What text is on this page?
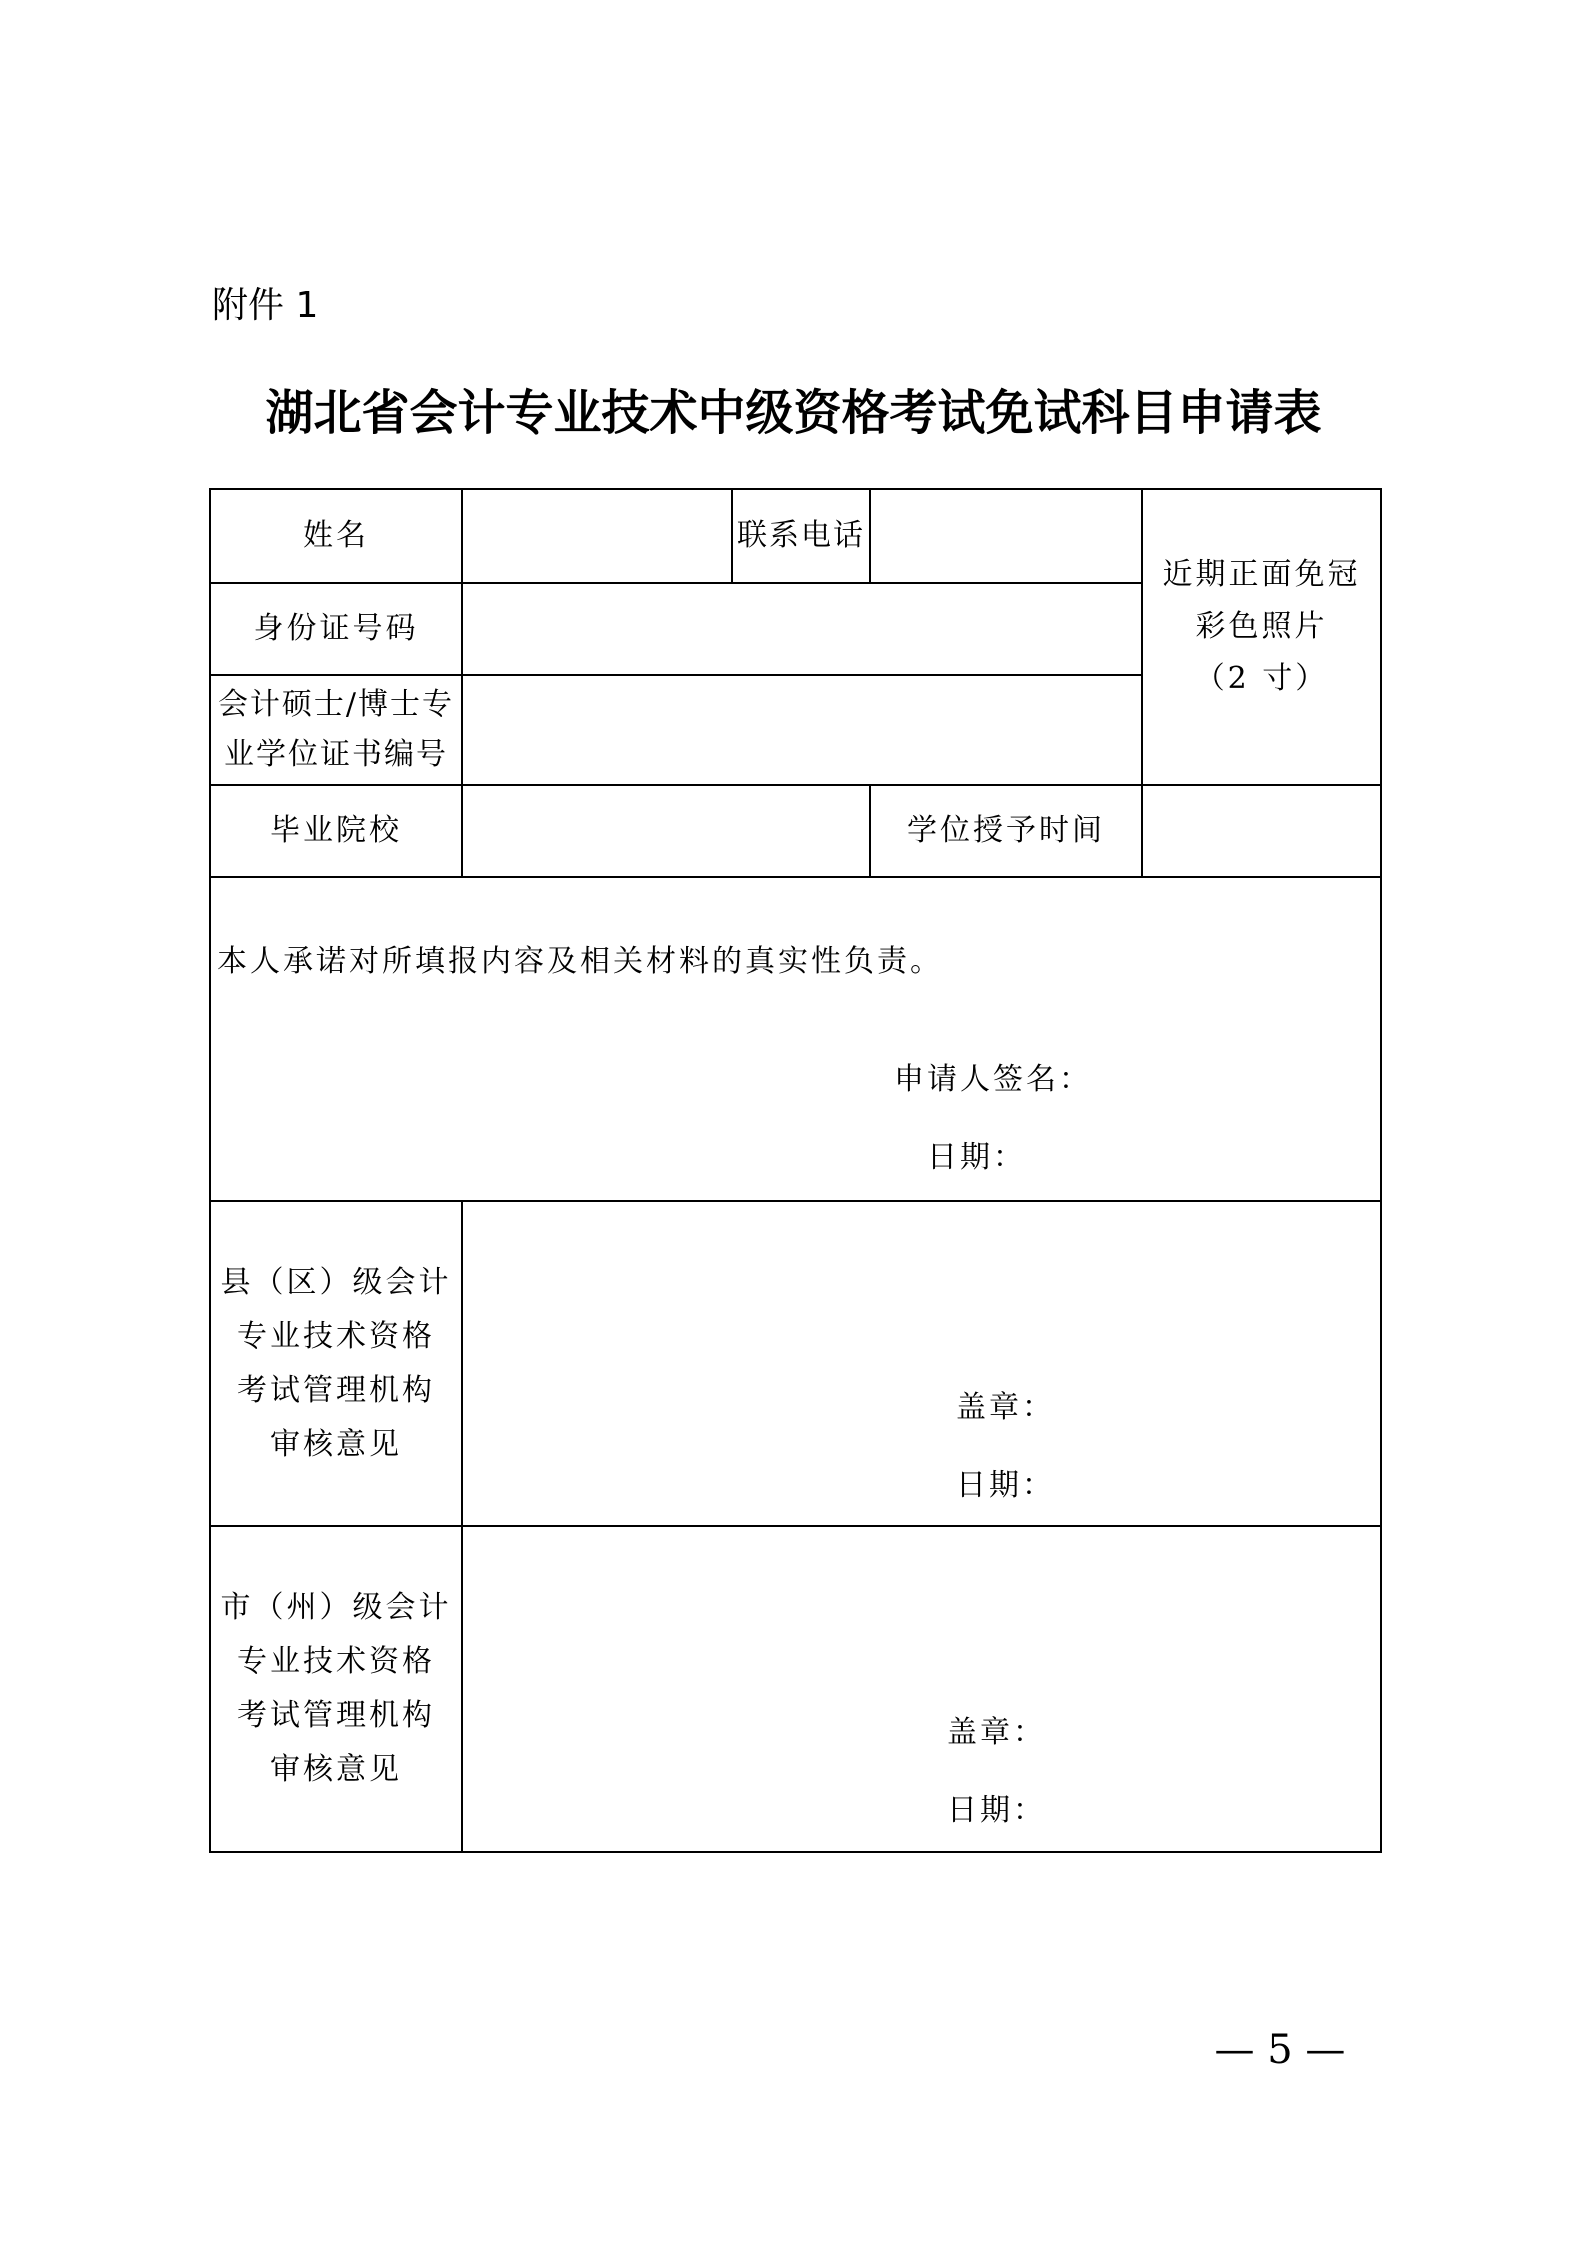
附件 1
湖北省会计专业技术中级资格考试免试科目申请表
姓名	联系电话
近期正面免冠
彩色照片
（2 寸）
身份证号码
会计硕士/博士专
业学位证书编号
毕业院校	学位授予时间
本人承诺对所填报内容及相关材料的真实性负责。
申请人签名：
日期：
县（区）级会计
专业技术资格
考试管理机构
审核意见
盖章：
日期：
市（州）级会计
专业技术资格
考试管理机构
审核意见
盖章：
日期：
— 5 —
